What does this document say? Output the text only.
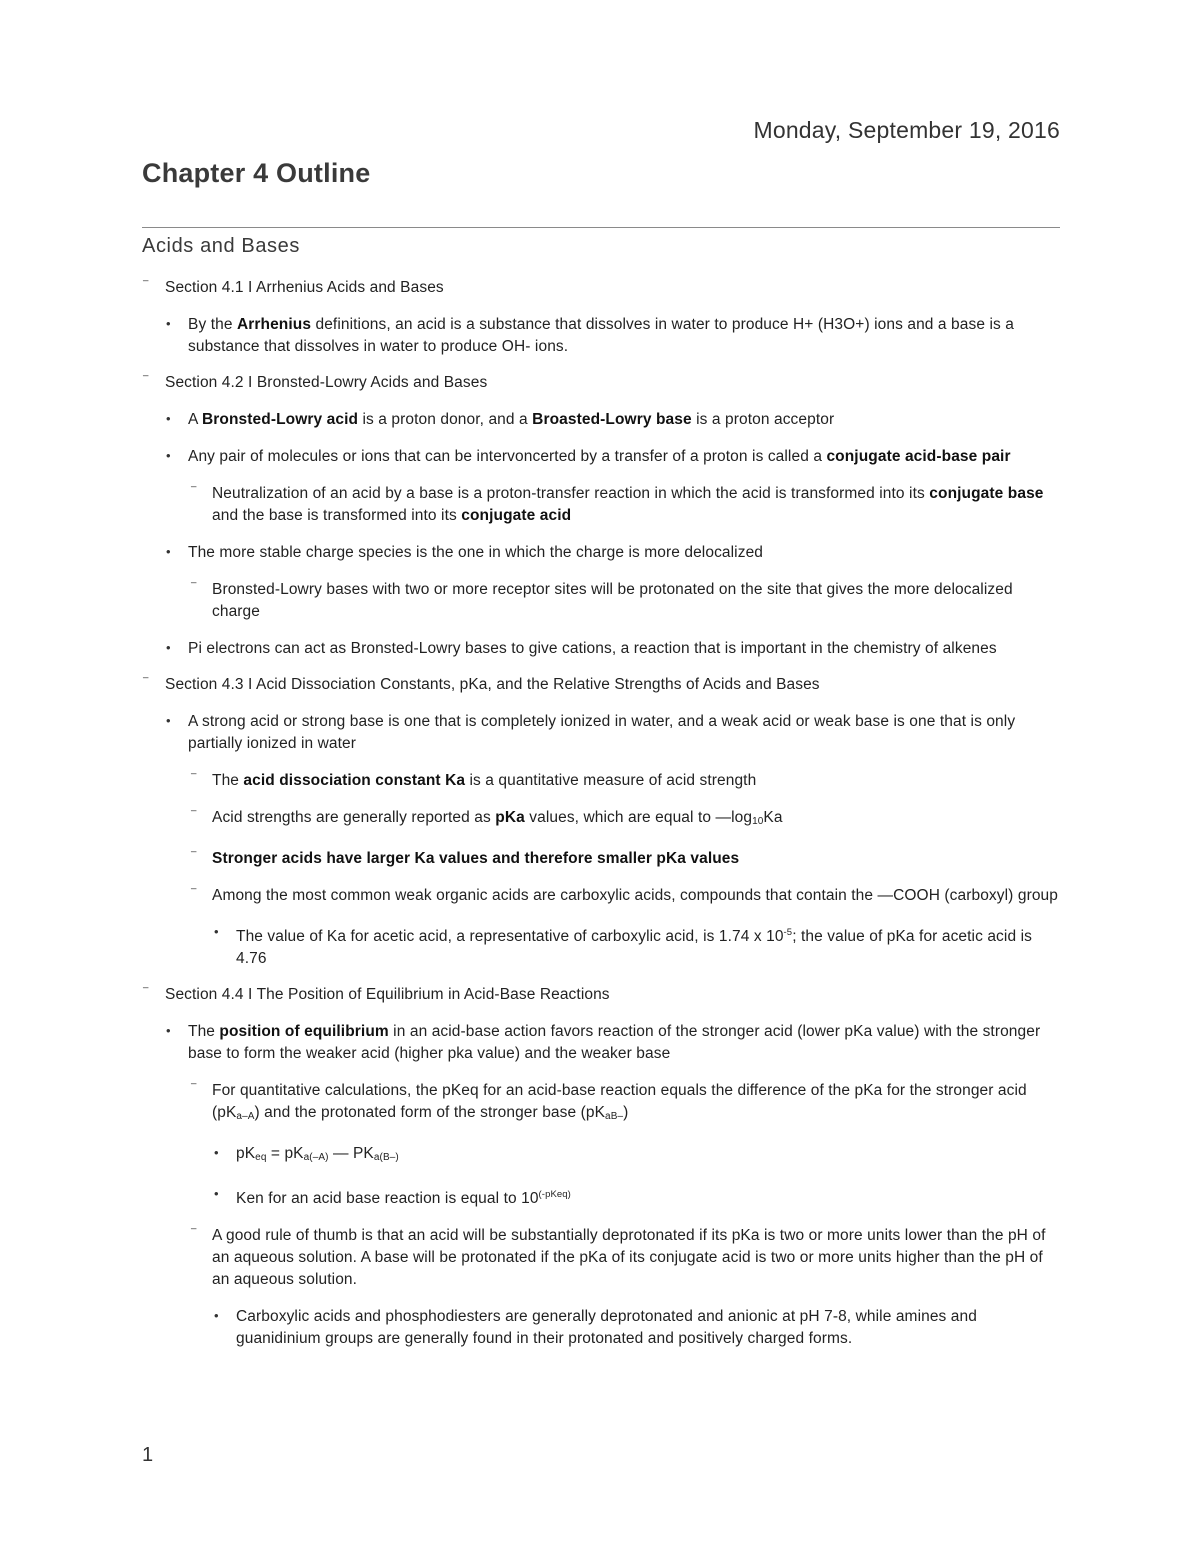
Monday, September 19, 2016
Chapter 4 Outline
Acids and Bases
⁻	Section 4.1 I Arrhenius Acids and Bases
•	By the Arrhenius definitions, an acid is a substance that dissolves in water to produce H+ (H3O+) ions and a base is a substance that dissolves in water to produce OH- ions.
⁻	Section 4.2 I Bronsted-Lowry Acids and Bases
•	A Bronsted-Lowry acid is a proton donor, and a Broasted-Lowry base is a proton acceptor
•	Any pair of molecules or ions that can be intervoncerted by a transfer of a proton is called a conjugate acid-base pair
⁻ Neutralization of an acid by a base is a proton-transfer reaction in which the acid is transformed into its conjugate base and the base is transformed into its conjugate acid
•	The more stable charge species is the one in which the charge is more delocalized
⁻ Bronsted-Lowry bases with two or more receptor sites will be protonated on the site that gives the more delocalized charge
•	Pi electrons can act as Bronsted-Lowry bases to give cations, a reaction that is important in the chemistry of alkenes
⁻	Section 4.3 I Acid Dissociation Constants, pKa, and the Relative Strengths of Acids and Bases
•	A strong acid or strong base is one that is completely ionized in water, and a weak acid or weak base is one that is only partially ionized in water
⁻ The acid dissociation constant Ka is a quantitative measure of acid strength
⁻ Acid strengths are generally reported as pKa values, which are equal to $—\log_{10}Ka$
⁻ Stronger acids have larger Ka values and therefore smaller pKa values
⁻ Among the most common weak organic acids are carboxylic acids, compounds that contain the —COOH (carboxyl) group
•	The value of Ka for acetic acid, a representative of carboxylic acid, is 1.74 x $10^{-5}$; the value of pKa for acetic acid is 4.76
⁻	Section 4.4 I The Position of Equilibrium in Acid-Base Reactions
•	The position of equilibrium in an acid-base action favors reaction of the stronger acid (lower pKa value) with the stronger base to form the weaker acid (higher pka value) and the weaker base
⁻ For quantitative calculations, the pKeq for an acid-base reaction equals the difference of the pKa for the stronger acid $(pK_{a-A})$ and the protonated form of the stronger base $(pK_{aB-})$
•	$pK_{eq} = pK_{a(-A)}$ — $PK_{a(B-)}$
•	Ken for an acid base reaction is equal to $10^{(-pKeq)}$
⁻ A good rule of thumb is that an acid will be substantially deprotonated if its pKa is two or more units lower than the pH of an aqueous solution. A base will be protonated if the pKa of its conjugate acid is two or more units higher than the pH of an aqueous solution.
•	Carboxylic acids and phosphodiesters are generally deprotonated and anionic at pH 7-8, while amines and guanidinium groups are generally found in their protonated and positively charged forms.
1
